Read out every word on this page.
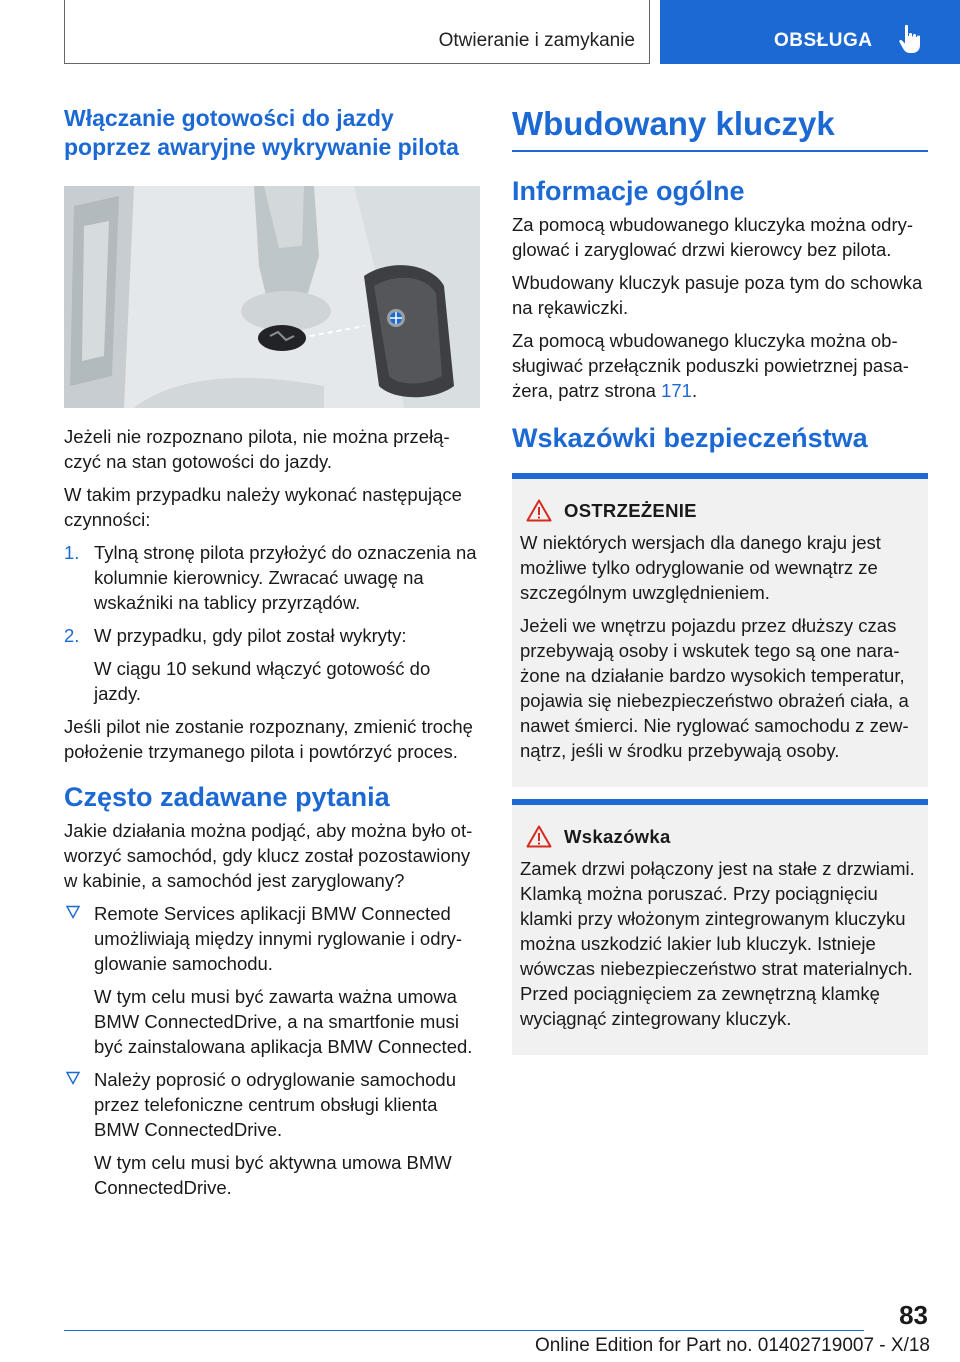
Otwieranie i zamykanie	OBSŁUGA
Włączanie gotowości do jazdy poprzez awaryjne wykrywanie pilota

Jeżeli nie rozpoznano pilota, nie można przełączyć na stan gotowości do jazdy.

W takim przypadku należy wykonać następujące czynności:

1. Tylną stronę pilota przyłożyć do oznaczenia na kolumnie kierownicy. Zwracać uwagę na wskaźniki na tablicy przyrządów.

2. W przypadku, gdy pilot został wykryty:

W ciągu 10 sekund włączyć gotowość do jazdy.

Jeśli pilot nie zostanie rozpoznany, zmienić trochę położenie trzymanego pilota i powtórzyć proces.

Często zadawane pytania

Jakie działania można podjąć, aby można było otworzyć samochód, gdy klucz został pozostawiony w kabinie, a samochód jest zaryglowany?

Remote Services aplikacji BMW Connected umożliwiają między innymi ryglowanie i odryglowanie samochodu.

W tym celu musi być zawarta ważna umowa BMW ConnectedDrive, a na smartfonie musi być zainstalowana aplikacja BMW Connected.

Należy poprosić o odryglowanie samochodu przez telefoniczne centrum obsługi klienta BMW ConnectedDrive.

W tym celu musi być aktywna umowa BMW ConnectedDrive.

Wbudowany kluczyk
Informacje ogólne

Za pomocą wbudowanego kluczyka można odryglować i zaryglować drzwi kierowcy bez pilota.

Wbudowany kluczyk pasuje poza tym do schowka na rękawiczki.

Za pomocą wbudowanego kluczyka można obsługiwać przełącznik poduszki powietrznej pasażera, patrz strona 171.

Wskazówki bezpieczeństwa
OSTRZEŻENIE

W niektórych wersjach dla danego kraju jest możliwe tylko odryglowanie od wewnątrz ze szczególnym uwzględnieniem.

Jeżeli we wnętrzu pojazdu przez dłuższy czas przebywają osoby i wskutek tego są one narażone na działanie bardzo wysokich temperatur, pojawia się niebezpieczeństwo obrażeń ciała, a nawet śmierci. Nie ryglować samochodu z zewnątrz, jeśli w środku przebywają osoby.

Wskazówka

Zamek drzwi połączony jest na stałe z drzwiami. Klamką można poruszać. Przy pociągnięciu klamki przy włożonym zintegrowanym kluczyku można uszkodzić lakier lub kluczyk. Istnieje wówczas niebezpieczeństwo strat materialnych. Przed pociągnięciem za zewnętrzną klamkę wyciągnąć zintegrowany kluczyk.

83
Online Edition for Part no. 01402719007 - X/18
